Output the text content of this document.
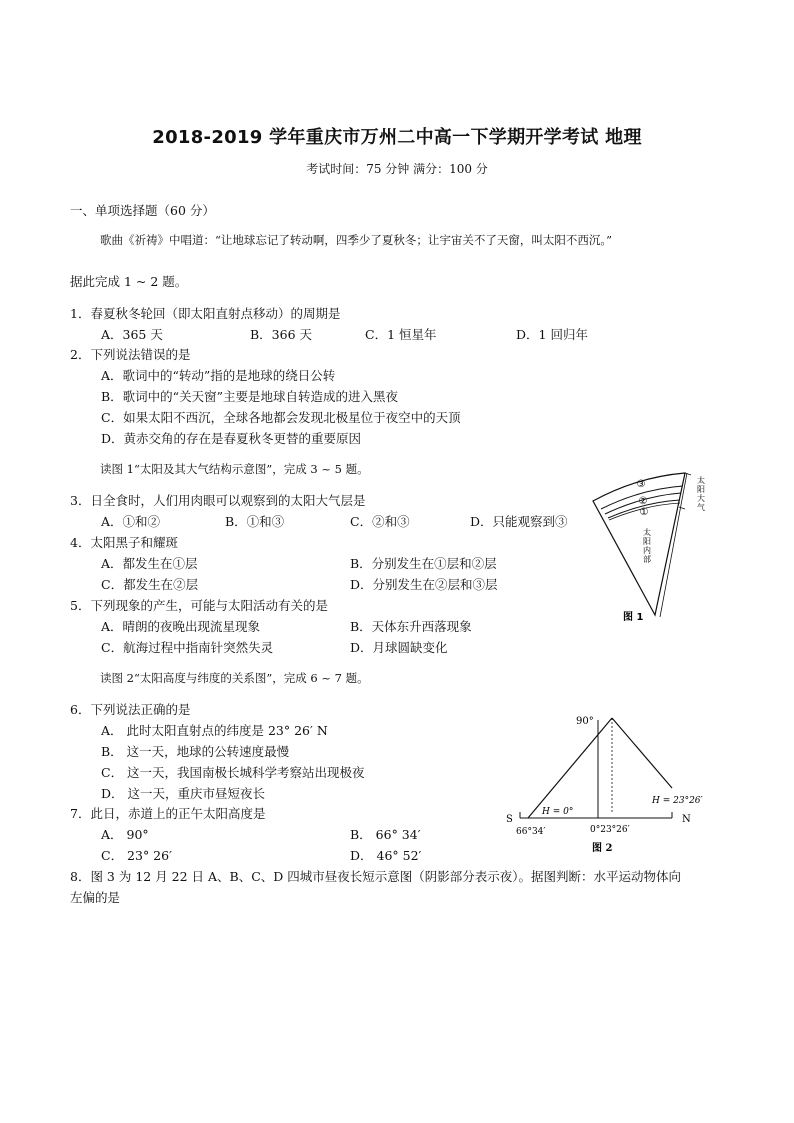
2018-2019 学年重庆市万州二中高一下学期开学考试 地理
考试时间：75 分钟 满分：100 分
一、单项选择题（60 分）
歌曲《祈祷》中唱道：“让地球忘记了转动啊，四季少了夏秋冬；让宇宙关不了天窗，叫太阳不西沉。”
据此完成 1 ~ 2 题。
1．春夏秋冬轮回（即太阳直射点移动）的周期是
A．365 天	B．366 天	C．1 恒星年	D．1 回归年
2．下列说法错误的是
A．歌词中的“转动”指的是地球的绕日公转
B．歌词中的“关天窗”主要是地球自转造成的进入黑夜
C．如果太阳不西沉，全球各地都会发现北极星位于夜空中的天顶
D．黄赤交角的存在是春夏秋冬更替的重要原因
读图 1“太阳及其大气结构示意图”，完成 3 ~ 5 题。
3．日全食时，人们用肉眼可以观察到的太阳大气层是
A．①和②	B．①和③	C．②和③	D．只能观察到③
4．太阳黑子和耀斑
A．都发生在①层	B．分别发生在①层和②层
C．都发生在②层	D．分别发生在②层和③层
5．下列现象的产生，可能与太阳活动有关的是
A．晴朗的夜晚出现流星现象	B．天体东升西落现象
C．航海过程中指南针突然失灵	D．月球圆缺变化
读图 2“太阳高度与纬度的关系图”，完成 6 ~ 7 题。
6．下列说法正确的是
A． 此时太阳直射点的纬度是 23° 26′ N
B． 这一天，地球的公转速度最慢
C． 这一天，我国南极长城科学考察站出现极夜
D． 这一天，重庆市昼短夜长
7．此日，赤道上的正午太阳高度是
A． 90°	B． 66° 34′
C． 23° 26′	D． 46° 52′
8．图 3 为 12 月 22 日 A、B、C、D 四城市昼夜长短示意图（阴影部分表示夜）。据图判断：水平运动物体向
左偏的是
③
②
①
太阳大气
太阳内部
图 1
90°
S	N
66°34′	0°23°26′
H = 0°
H = 23°26′
图 2
